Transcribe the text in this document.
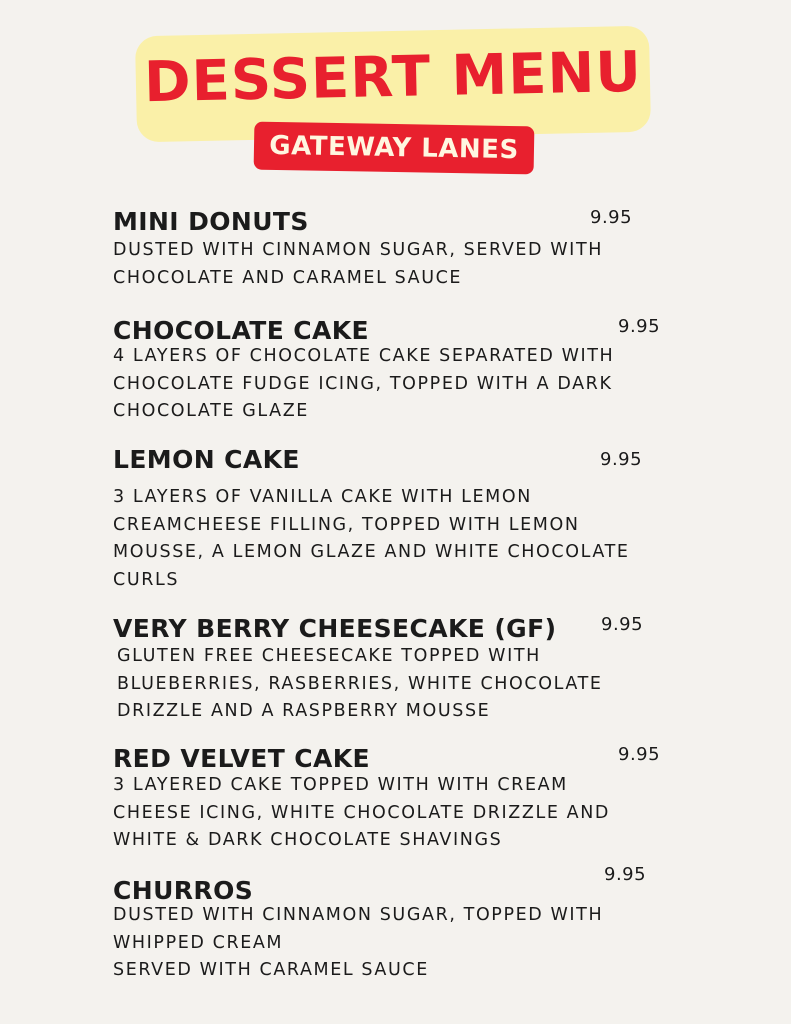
DESSERT MENU
GATEWAY LANES
MINI DONUTS	9.95
DUSTED WITH CINNAMON SUGAR, SERVED WITH
CHOCOLATE AND CARAMEL SAUCE
CHOCOLATE CAKE	9.95
4 LAYERS OF CHOCOLATE CAKE SEPARATED WITH
CHOCOLATE FUDGE ICING, TOPPED WITH A DARK
CHOCOLATE GLAZE
LEMON CAKE	9.95
3 LAYERS OF VANILLA CAKE WITH LEMON
CREAMCHEESE FILLING, TOPPED WITH LEMON
MOUSSE, A LEMON GLAZE AND WHITE CHOCOLATE
CURLS
VERY BERRY CHEESECAKE (GF) 9.95
GLUTEN FREE CHEESECAKE TOPPED WITH
BLUEBERRIES, RASBERRIES, WHITE CHOCOLATE
DRIZZLE AND A RASPBERRY MOUSSE
RED VELVET CAKE	9.95
3 LAYERED CAKE TOPPED WITH WITH CREAM
CHEESE ICING, WHITE CHOCOLATE DRIZZLE AND
WHITE & DARK CHOCOLATE SHAVINGS
CHURROS
9.95
DUSTED WITH CINNAMON SUGAR, TOPPED WITH
WHIPPED CREAM
SERVED WITH CARAMEL SAUCE
